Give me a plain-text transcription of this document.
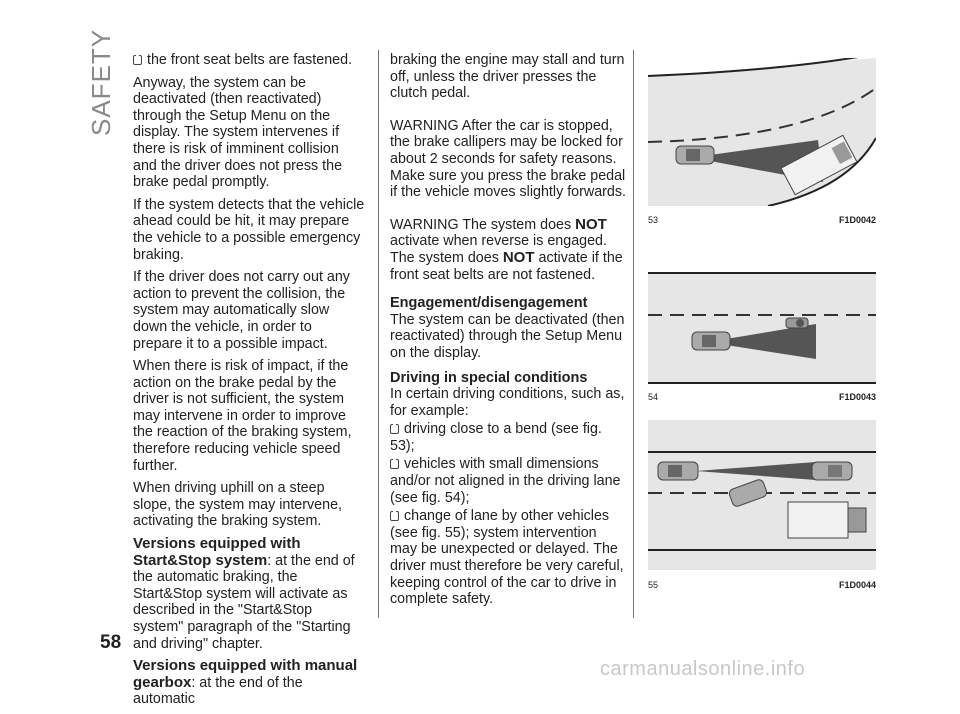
SAFETY	the front seat belts are fastened.

Anyway, the system can be deactivated (then reactivated) through the Setup Menu on the display. The system intervenes if there is risk of imminent collision and the driver does not press the brake pedal promptly.

If the system detects that the vehicle ahead could be hit, it may prepare the vehicle to a possible emergency braking.

If the driver does not carry out any action to prevent the collision, the system may automatically slow down the vehicle, in order to prepare it to a possible impact.

When there is risk of impact, if the action on the brake pedal by the driver is not sufficient, the system may intervene in order to improve the reaction of the braking system, therefore reducing vehicle speed further.

When driving uphill on a steep slope, the system may intervene, activating the braking system.

Versions equipped with Start&Stop system: at the end of the automatic braking, the Start&Stop system will activate as described in the "Start&Stop system" paragraph of the "Starting and driving" chapter.

Versions equipped with manual gearbox: at the end of the automatic

braking the engine may stall and turn off, unless the driver presses the clutch pedal.

WARNING After the car is stopped, the brake callipers may be locked for about 2 seconds for safety reasons. Make sure you press the brake pedal if the vehicle moves slightly forwards.

WARNING The system does NOT activate when reverse is engaged. The system does NOT activate if the front seat belts are not fastened.

Engagement/disengagement

The system can be deactivated (then reactivated) through the Setup Menu on the display.

Driving in special conditions

In certain driving conditions, such as, for example:

driving close to a bend (see fig. 53);

vehicles with small dimensions and/or not aligned in the driving lane (see fig. 54);

change of lane by other vehicles (see fig. 55); system intervention may be unexpected or delayed. The driver must therefore be very careful, keeping control of the car to drive in complete safety.

53	F1D0042
54	F1D0043
55	F1D0044
58
carmanualsonline.info
